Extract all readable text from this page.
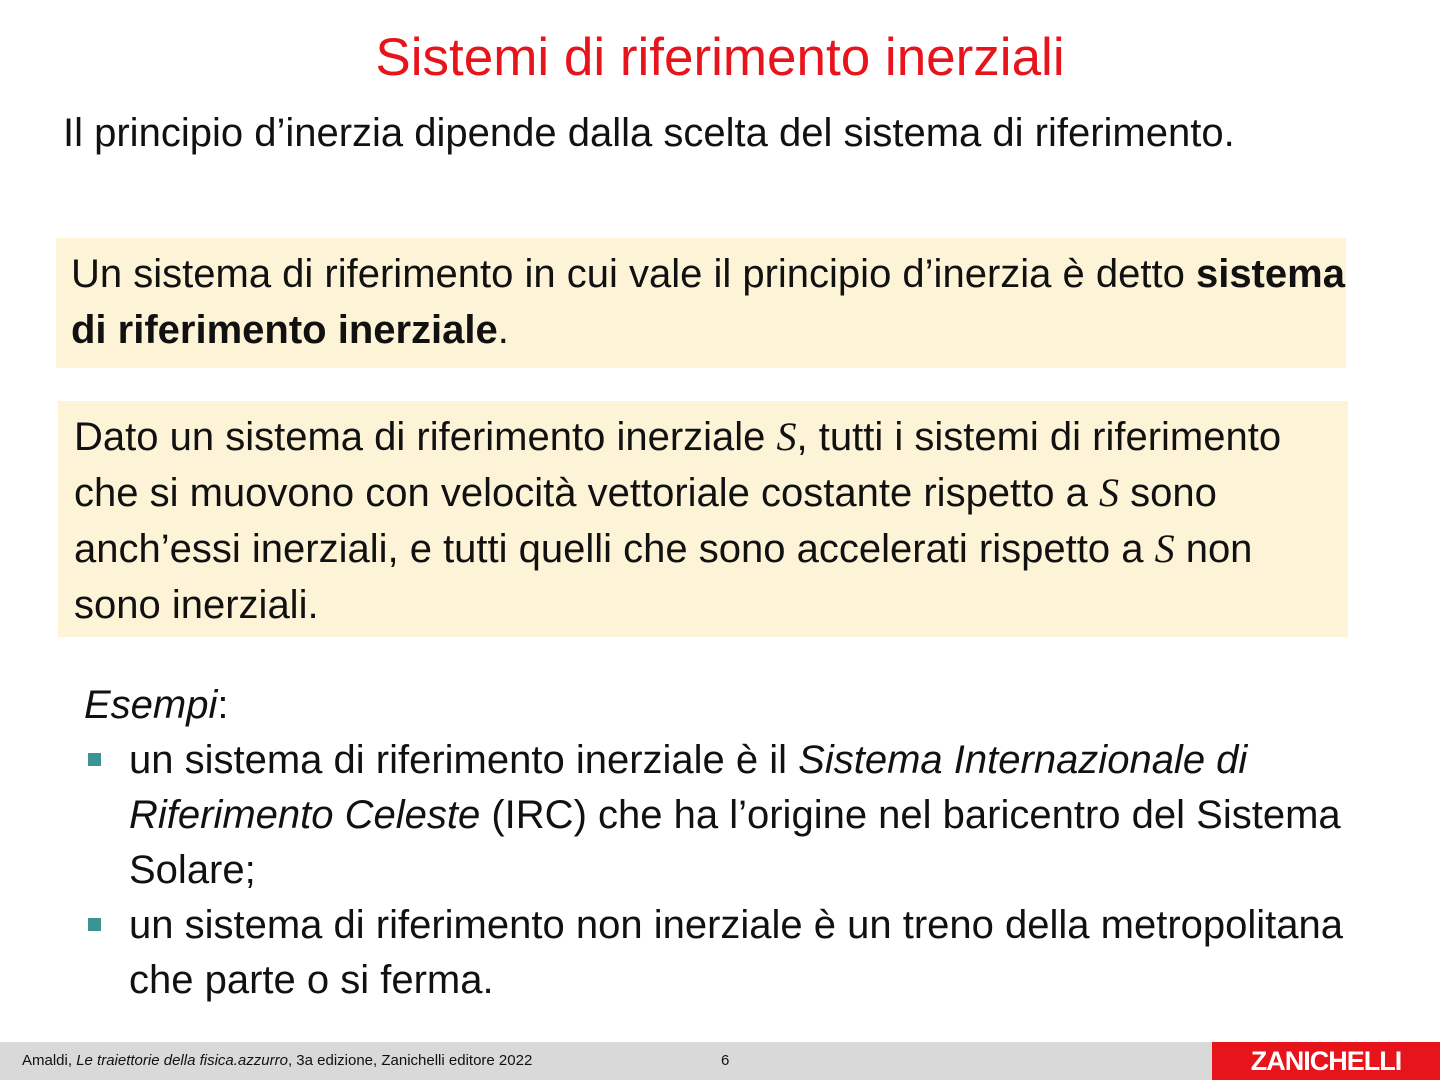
Sistemi di riferimento inerziali
Il principio d’inerzia dipende dalla scelta del sistema di riferimento.
Un sistema di riferimento in cui vale il principio d’inerzia è detto sistema di riferimento inerziale.
Dato un sistema di riferimento inerziale S, tutti i sistemi di riferimento che si muovono con velocità vettoriale costante rispetto a S sono anch’essi inerziali, e tutti quelli che sono accelerati rispetto a S non sono inerziali.

Esempi:

un sistema di riferimento inerziale è il Sistema Internazionale di Riferimento Celeste (IRC) che ha l’origine nel baricentro del Sistema Solare;

un sistema di riferimento non inerziale è un treno della metropolitana che parte o si ferma.

Amaldi, Le traiettorie della fisica.azzurro, 3a edizione, Zanichelli editore 2022	6	ZANICHELLI
